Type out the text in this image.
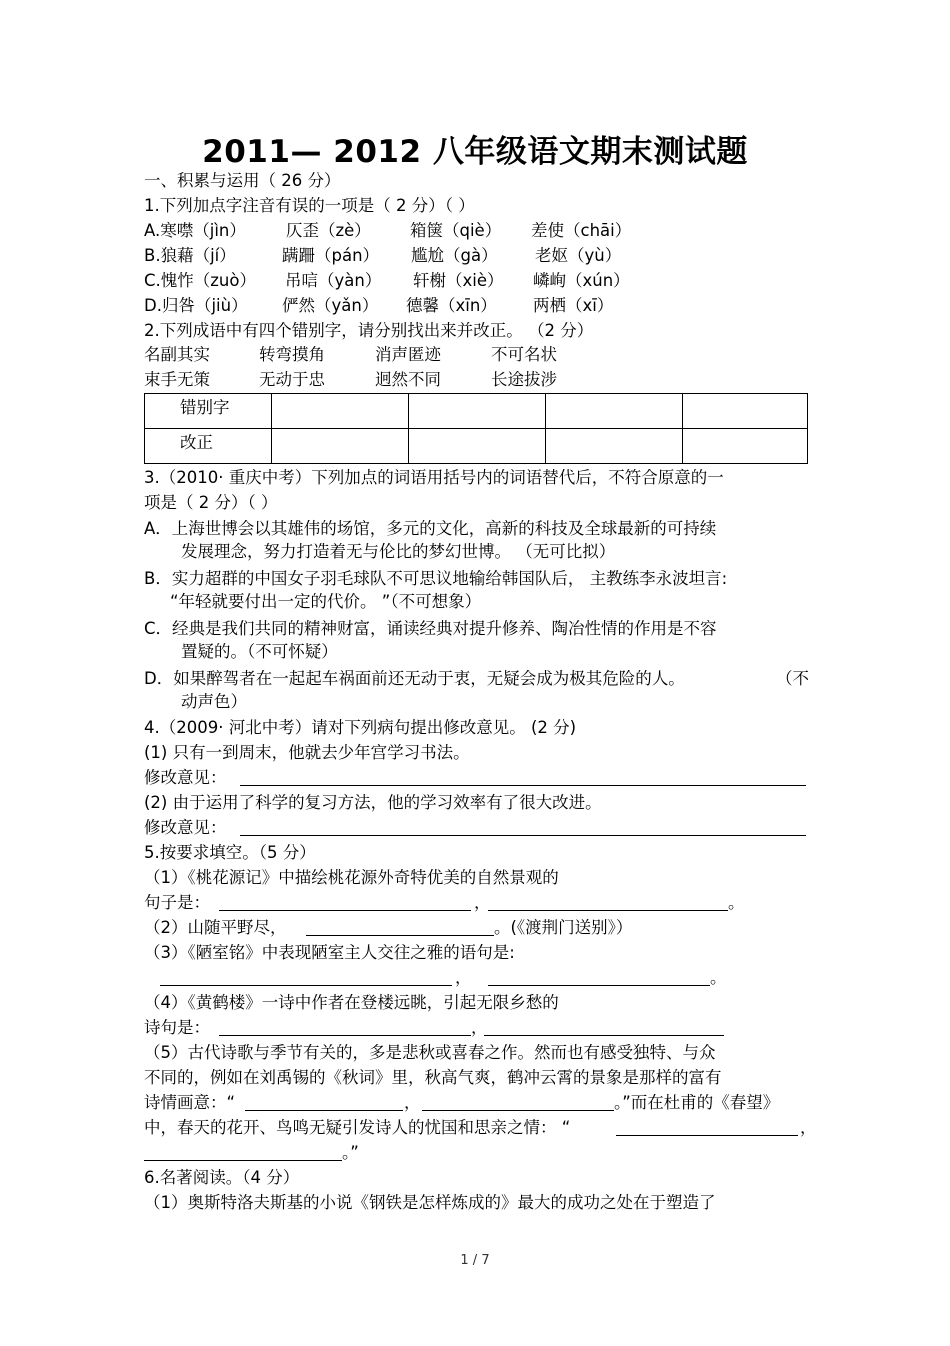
2011— 2012 八年级语文期末测试题
一、积累与运用（ 26 分）
1.下列加点字注音有误的一项是（ 2 分）（ ）
A.寒噤（jìn） 仄歪（zè） 箱箧（qiè） 差使（chāi）
B.狼藉（jí）	蹒跚（pán） 尴尬（gà） 老妪（yù）
C.愧怍（zuò） 吊唁（yàn） 轩榭（xiè） 嶙峋（xún）
D.归咎（jiù） 俨然（yǎn） 德馨（xīn） 两栖（xī）
2.下列成语中有四个错别字，请分别找出来并改正。 （2 分）
名副其实	转弯摸角	消声匿迹	不可名状
束手无策	无动于忠	迥然不同	长途拔涉
错别字				
改正				
3.（2010· 重庆中考）下列加点的词语用括号内的词语替代后，不符合原意的一
项是（ 2 分）（ ）
A．上海世博会以其雄伟的场馆，多元的文化，高新的科技及全球最新的可持续
发展理念，努力打造着无与伦比的梦幻世博。 （无可比拟）
B．实力超群的中国女子羽毛球队不可思议地输给韩国队后， 主教练李永波坦言:
“年轻就要付出一定的代价。 ”（不可想象）
C．经典是我们共同的精神财富，诵读经典对提升修养、陶冶性情的作用是不容
置疑的。（不可怀疑）
D．如果醉驾者在一起起车祸面前还无动于衷，无疑会成为极其危险的人。	（不
动声色）
4.（2009· 河北中考）请对下列病句提出修改意见。 (2 分)
(1) 只有一到周末，他就去少年宫学习书法。
修改意见：
(2) 由于运用了科学的复习方法，他的学习效率有了很大改进。
修改意见：
5.按要求填空。（5 分）
（1）《桃花源记》中描绘桃花源外奇特优美的自然景观的
句子是：	，	。
（2）山随平野尽，	。(《渡荆门送别》）
（3）《陋室铭》中表现陋室主人交往之雅的语句是:
，	。
（4）《黄鹤楼》一诗中作者在登楼远眺，引起无限乡愁的
诗句是：	，
（5）古代诗歌与季节有关的，多是悲秋或喜春之作。然而也有感受独特、与众
不同的，例如在刘禹锡的《秋词》里，秋高气爽，鹤冲云霄的景象是那样的富有
诗情画意：“	，	。”而在杜甫的《春望》
中，春天的花开、鸟鸣无疑引发诗人的忧国和思亲之情： “	，
。”
6.名著阅读。（4 分）
（1）奥斯特洛夫斯基的小说《钢铁是怎样炼成的》最大的成功之处在于塑造了
1 / 7
